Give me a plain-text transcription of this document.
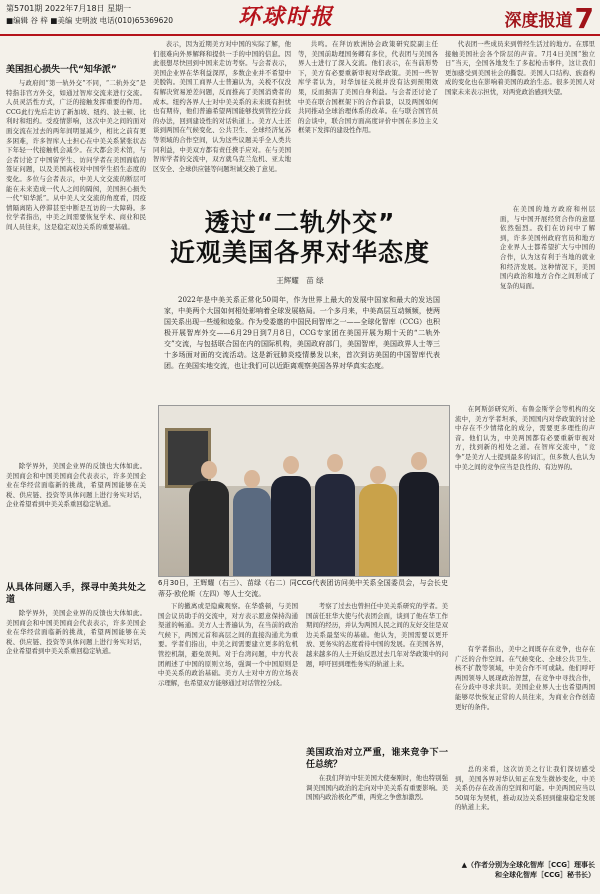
第5701期 2022年7月18日 星期一
■编辑 谷 梓 ■美编 史明波 电话(010)65369620	环球时报	深度报道7
美国担心损失一代“知华派”

与政府间“第一轨外交”不同，“二轨外交”是特指非官方外交，如通过智库交流来进行交流。人员灵活性方式，广泛的接触发挥重要的作用。CCG此行先后走访了新加坡、纽约、波士顿、比利时和纽约。受疫情影响，这次中美之间的面对面交流在过去的两年间明显减少，相比之前有更多困难，许多智库人士担心在中美关系紧张状态下年轻一代接触机会减少。在大都会美术馆，与会者讨论了中国留学生、访问学者在美国面临的签证问题，以及美国高校对中国学生招生态度的变化。多位与会者表示，中美人文交流的断层可能在未来造成一代人之间的隔阂，美国担心损失一代“知华派”。从中美人文交流的角度看，因疫情隔离陷入停滞甚至中断是互访的一大障碍。多位学者指出，中美之间需要恢复学术、商业和民间人员往来，这是稳定双边关系的重要基础。

从具体问题入手，探寻中美共处之道

除学界外，美国企业界的反馈也大体如此。美国商会和中国美国商会代表表示，许多美国企业在华经营面临新的挑战，希望两国能够在关税、供应链、投资等具体问题上进行务实对话，企业希望看到中美关系重回稳定轨道。

除学界外，美国企业界的反馈也大体如此。美国商会和中国美国商会代表表示，许多美国企业在华经营面临新的挑战，希望两国能够在关税、供应链、投资等具体问题上进行务实对话，企业希望看到中美关系重回稳定轨道。

表示，因为近期美方对中国的实际了解，他们很难向外界解释和提供一手的中国的信息。因此很想尽快回到中国来走访考察。与会者表示，美国企业界在华利益深厚，多数企业并不希望中美脱钩。美国工商界人士普遍认为，关税不仅没有解决贸易逆差问题，反而推高了美国消费者的成本。纽约各界人士对中美关系的未来既有担忧也有期待，他们普遍希望两国能够找到管控分歧的办法，回到建设性的对话轨道上。美方人士还谈到两国在气候变化、公共卫生、全球经济复苏等领域的合作空间，认为这些议题关乎全人类共同利益，中美双方都有责任携手应对。在与美国智库学者的交流中，双方就乌克兰危机、亚太地区安全、全球供应链等问题坦诚交换了意见。

共鸣。在拜访欧洲协会政策研究院副主任等，美国前助理国务卿有多位，代表团与美国各界人士进行了深入交流。他们表示，在当前形势下，美方有必要重新审视对华政策。美国一些智库学者认为，对华加征关税并没有达到预期效果，反而损害了美国自身利益。与会者还讨论了中美在联合国框架下的合作前景，以及两国如何共同推动全球治理体系的改革。在与联合国官员的会谈中，联合国方面高度评价中国在多边主义框架下发挥的建设性作用。

代表团一些成员来到曾经生活过的地方。在那里接触美国社会各个阶层的声音。7月4日美国“独立日”当天，全国各地发生了多起枪击事件，这让我们更加感受到美国社会的撕裂。美国人口结构、族裔构成的变化也在影响着美国的政治生态。很多美国人对国家未来表示担忧，对两党政治感到失望。

在美国的地方政府和州层面，与中国开展经贸合作的意愿依然强烈。我们在访问中了解到，许多美国州政府官员和地方企业界人士都希望扩大与中国的合作，认为这有利于当地的就业和经济发展。这种情况下，美国国内政治和地方合作之间形成了复杂的局面。

在阿斯彭研究所、布鲁金斯学会等机构的交流中，美方学者坦承，美国国内对华政策的讨论中存在不少情绪化的成分，需要更多理性的声音。他们认为，中美两国都有必要重新审视对方，找到新的相处之道。在智库交流中，“竞争”是美方人士提到最多的词汇，但多数人也认为中美之间的竞争应当是良性的、有边界的。

有学者指出，美中之间既存在竞争，也存在广泛的合作空间。在气候变化、全球公共卫生、核不扩散等领域，中美合作不可或缺。他们呼吁两国领导人展现政治智慧，在竞争中寻找合作，在分歧中寻求共识。美国企业界人士也希望两国能够尽快恢复正常的人员往来，为商业合作创造更好的条件。

总的来看，这次访美之行让我们深切感受到，美国各界对华认知正在发生微妙变化，中美关系仍存在改善的空间和可能。中美两国应当以50周年为契机，推动双边关系回到健康稳定发展的轨道上来。

▲（作者分别为全球化智库［CCG］理事长和全球化智库［CCG］秘书长）
透过“二轨外交”
近观美国各界对华态度
王辉耀　苗 绿

2022年是中美关系正常化50周年，作为世界上最大的发展中国家和最大的发达国家，中美两个大国如何相处影响着全球发展格局。一个多月来，中美高层互动频频，使两国关系出现一些缓和迹象。作为受委邀的中国民间智库之一——全球化智库（CCG）也积极开展智库外交——6月29日到7月8日，CCG专家团在美国开展为期十天的“二轨外交”交流，与包括联合国在内的国际机构，美国政府部门，美国智库，美国政界人士等三十多场面对面的交流活动。这是新冠肺炎疫情暴发以来，首次到访美国的中国智库代表团。在美国实地交流，也让我们可以近距离观察美国各界对华真实态度。

6月30日，王辉耀（右三）、苗绿（右二）同CCG代表团访问美中关系全国委员会，与会长史蒂芬·欧伦斯（左四）等人士交流。

下的撤离或是隐藏观察。在华盛顿，与美国国会议员助手的交流中，对方表示愿意保持沟通渠道的畅通。美方人士普遍认为，在当前的政治气候下，两国元首和高层之间的直接沟通尤为重要。学者们指出，中美之间需要建立更多的危机管控机制，避免误判。对于台湾问题，中方代表团阐述了中国的原则立场，强调一个中国原则是中美关系的政治基础。美方人士对中方的立场表示理解，也希望双方能够通过对话管控分歧。

考察了过去也曾担任中美关系研究的学者。美国前任驻华大使与代表团会面，谈到了他在华工作期间的经历，并认为两国人民之间的友好交往是双边关系最坚实的基础。他认为，美国需要以更开放、更务实的态度看待中国的发展。在美国各界，越来越多的人士开始反思过去几年对华政策中的问题，呼吁回到理性务实的轨道上来。

美国政治对立严重，谁来竞争下一任总统？

在我们拜访中驻美国大使秦刚时，他也特别强调美国国内政治的走向对中美关系有重要影响。美国国内政治极化严重，两党之争愈加激烈。
